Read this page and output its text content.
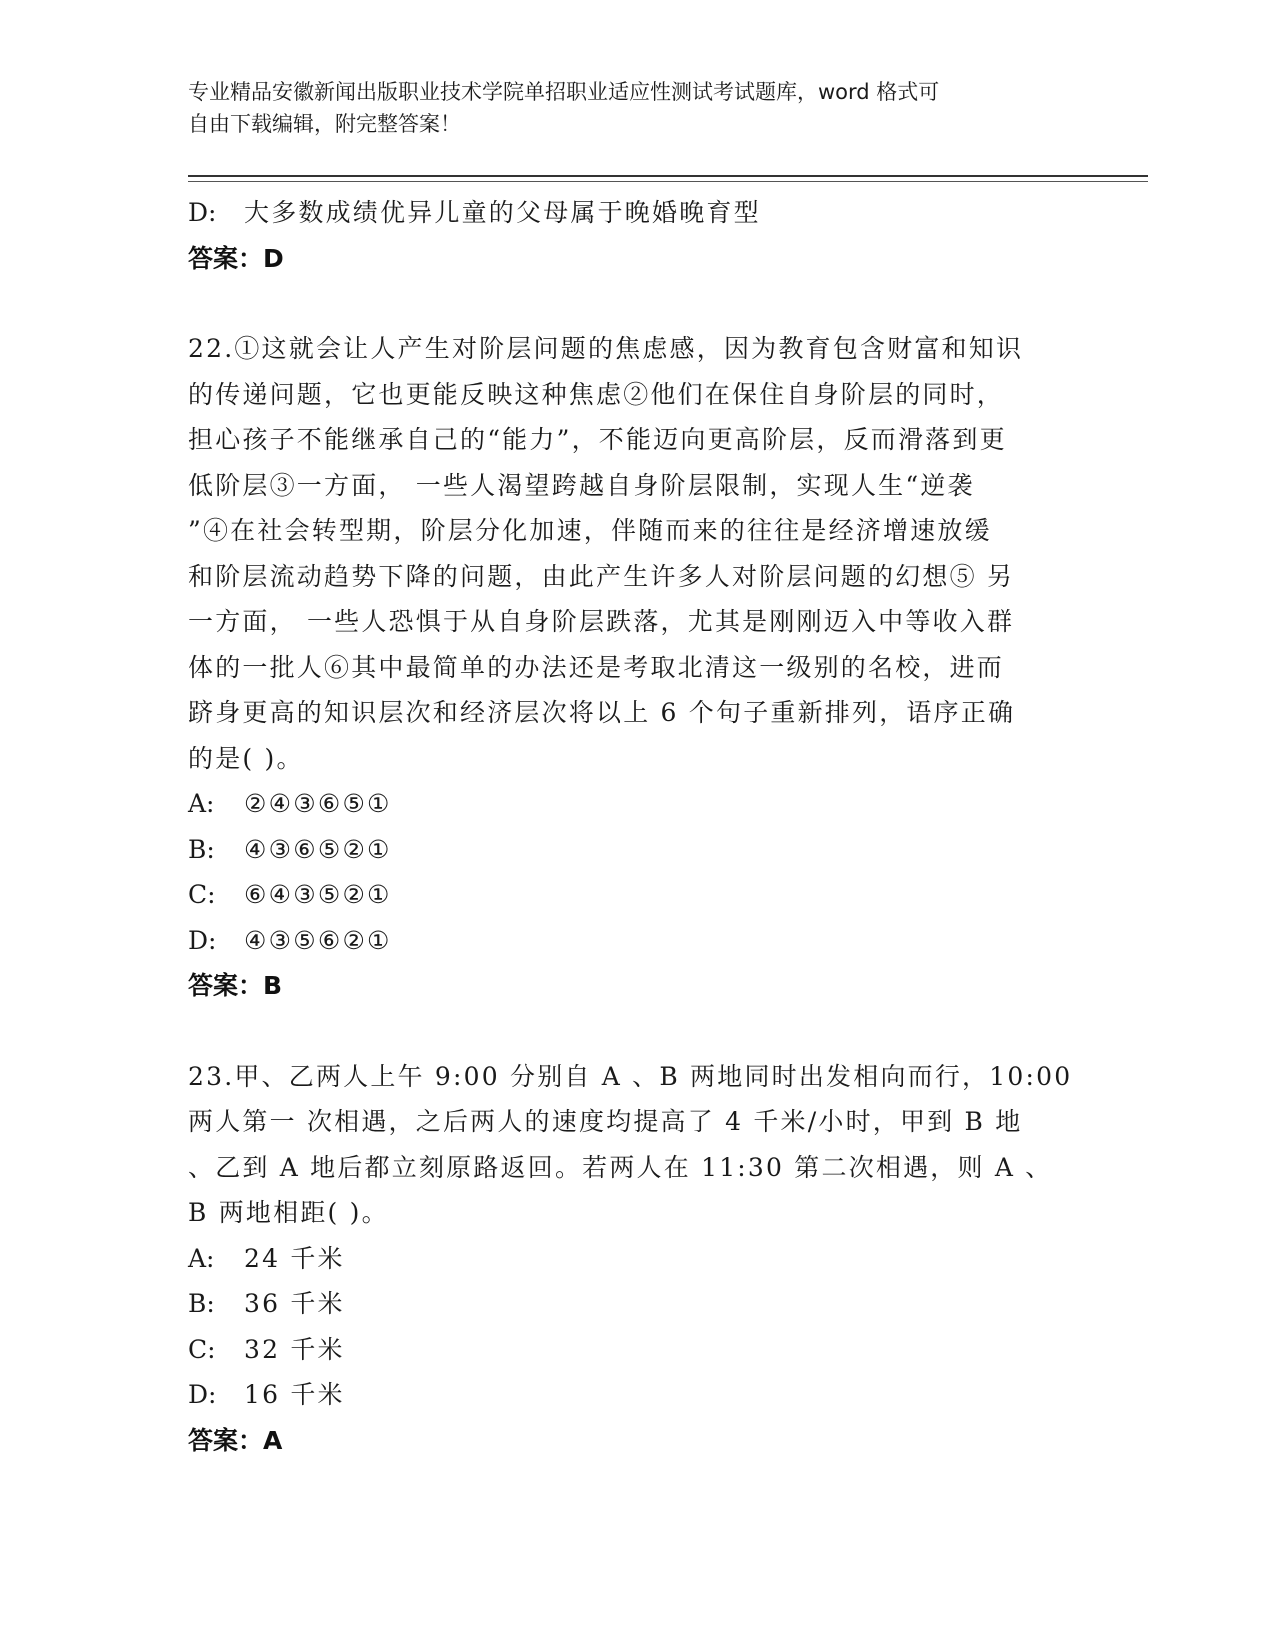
专业精品安徽新闻出版职业技术学院单招职业适应性测试考试题库，word 格式可
自由下载编辑，附完整答案！
D:	大多数成绩优异儿童的父母属于晚婚晚育型
答案：D
22.①这就会让人产生对阶层问题的焦虑感，因为教育包含财富和知识
的传递问题，它也更能反映这种焦虑②他们在保住自身阶层的同时，
担心孩子不能继承自己的“能力”，不能迈向更高阶层，反而滑落到更
低阶层③一方面， 一些人渴望跨越自身阶层限制，实现人生“逆袭
”④在社会转型期，阶层分化加速，伴随而来的往往是经济增速放缓
和阶层流动趋势下降的问题，由此产生许多人对阶层问题的幻想⑤ 另
一方面， 一些人恐惧于从自身阶层跌落，尤其是刚刚迈入中等收入群
体的一批人⑥其中最简单的办法还是考取北清这一级别的名校，进而
跻身更高的知识层次和经济层次将以上 6 个句子重新排列，语序正确
的是( )。
A:	②④③⑥⑤①
B:	④③⑥⑤②①
C:	⑥④③⑤②①
D:	④③⑤⑥②①
答案：B
23.甲、乙两人上午 9:00 分别自 A 、B 两地同时出发相向而行，10:00
两人第一 次相遇，之后两人的速度均提高了 4 千米/小时，甲到 B 地
、乙到 A 地后都立刻原路返回。若两人在 11:30 第二次相遇，则 A 、
B 两地相距( )。
A:	24 千米
B:	36 千米
C:	32 千米
D:	16 千米
答案：A
